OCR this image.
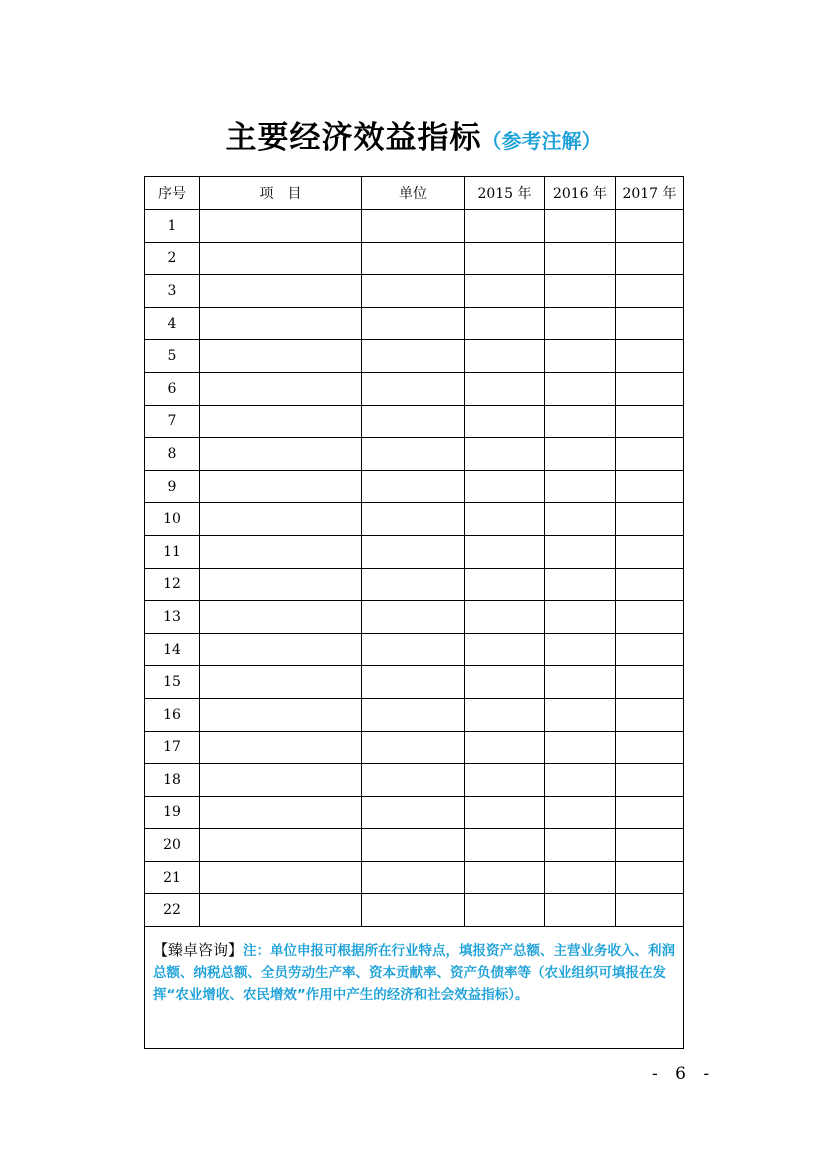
主要经济效益指标（参考注解）
序号	项　目	单位	2015 年	2016 年	2017 年
1					
2					
3					
4					
5					
6					
7					
8					
9					
10					
11					
12					
13					
14					
15					
16					
17					
18					
19					
20					
21					
22					
【臻卓咨询】注：单位申报可根据所在行业特点，填报资产总额、主营业务收入、利润总额、纳税总额、全员劳动生产率、资本贡献率、资产负债率等（农业组织可填报在发挥“农业增收、农民增效”作用中产生的经济和社会效益指标）。					
- 6 -
